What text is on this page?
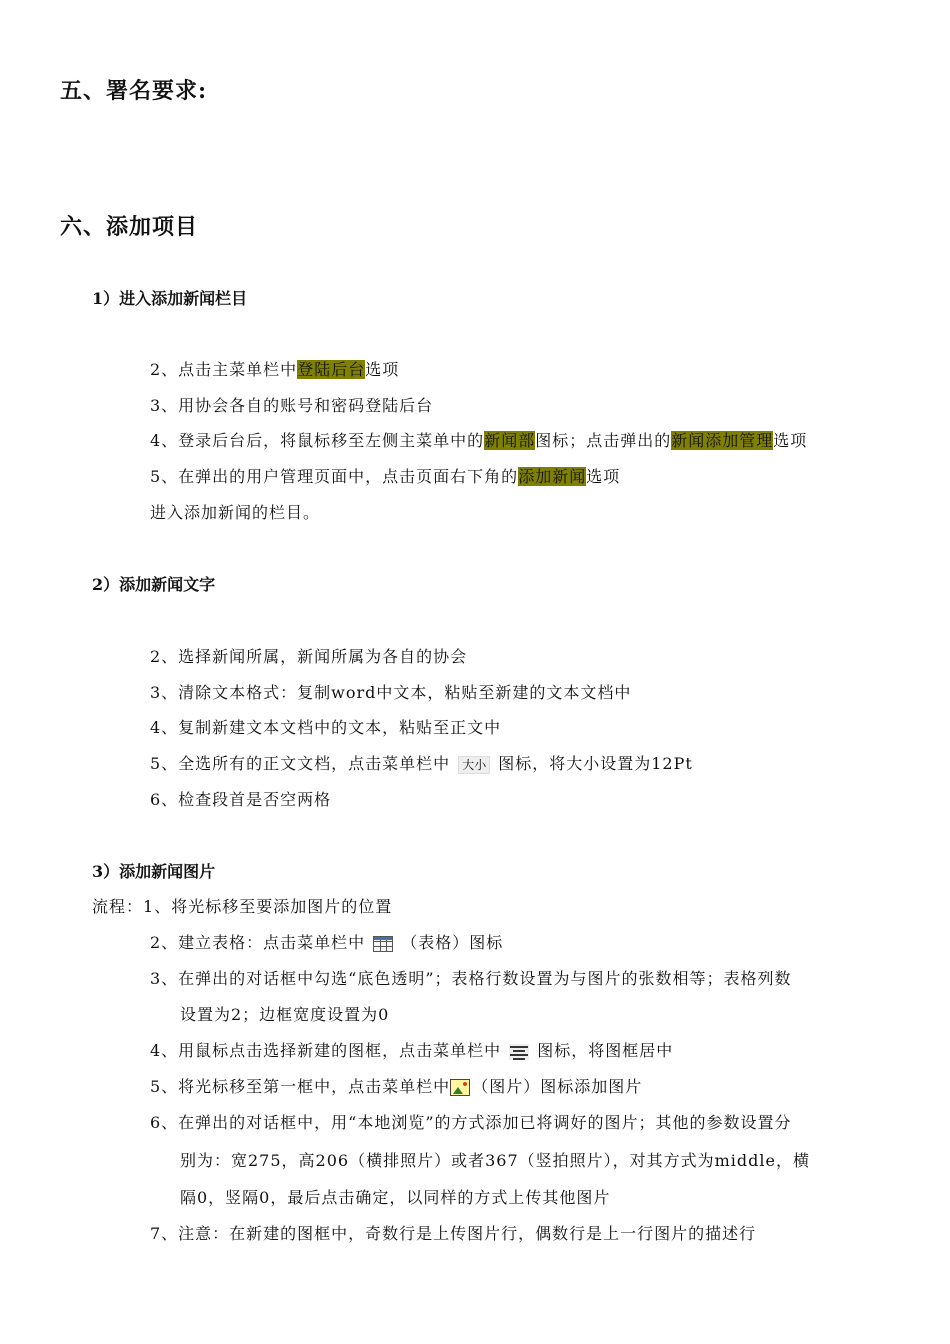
五、署名要求:
六、添加项目
1）进入添加新闻栏目
2、点击主菜单栏中登陆后台选项
3、用协会各自的账号和密码登陆后台
4、登录后台后，将鼠标移至左侧主菜单中的新闻部图标；点击弹出的新闻添加管理选项
5、在弹出的用户管理页面中，点击页面右下角的添加新闻选项
进入添加新闻的栏目。
2）添加新闻文字
2、选择新闻所属，新闻所属为各自的协会
3、清除文本格式：复制word中文本，粘贴至新建的文本文档中
4、复制新建文本文档中的文本，粘贴至正文中
5、全选所有的正文文档，点击菜单栏中 大小 图标，将大小设置为12Pt
6、检查段首是否空两格
3）添加新闻图片
流程：1、将光标移至要添加图片的位置
2、建立表格：点击菜单栏中 （表格）图标
3、在弹出的对话框中勾选“底色透明”；表格行数设置为与图片的张数相等；表格列数
设置为2；边框宽度设置为0
4、用鼠标点击选择新建的图框，点击菜单栏中 图标，将图框居中
5、将光标移至第一框中，点击菜单栏中 （图片）图标添加图片
6、在弹出的对话框中，用“本地浏览”的方式添加已将调好的图片；其他的参数设置分
别为：宽275，高206（横排照片）或者367（竖拍照片），对其方式为middle，横
隔0，竖隔0，最后点击确定，以同样的方式上传其他图片
7、注意：在新建的图框中，奇数行是上传图片行，偶数行是上一行图片的描述行
